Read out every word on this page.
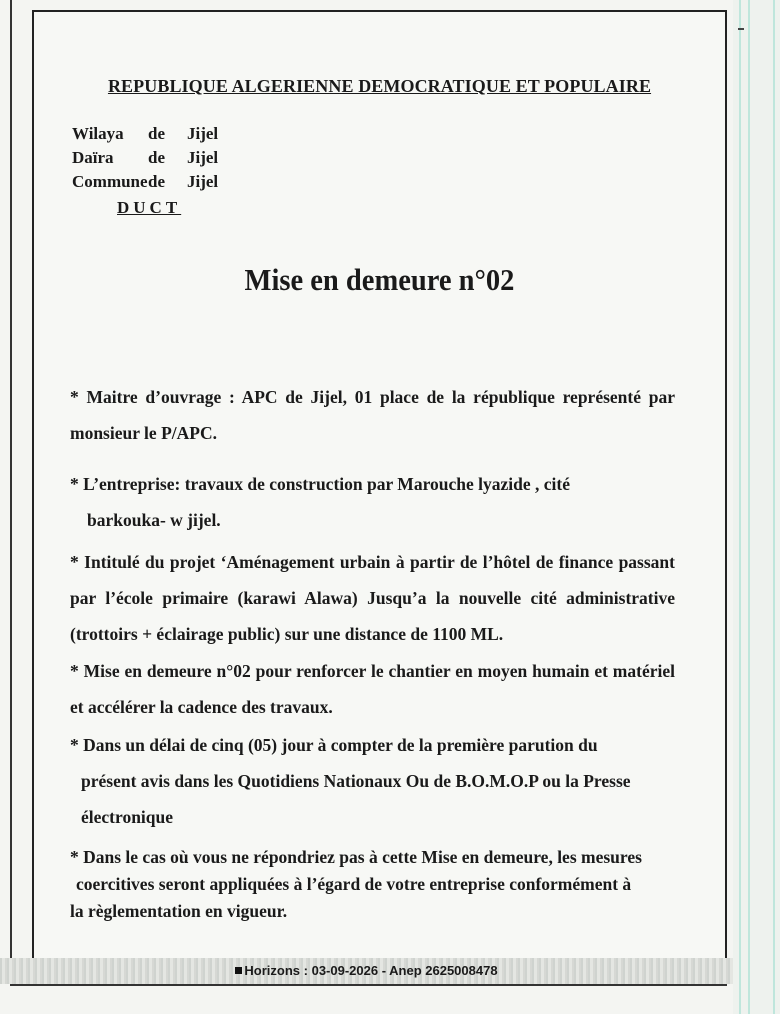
REPUBLIQUE ALGERIENNE DEMOCRATIQUE ET POPULAIRE
Wilaya de Jijel
Daïra de Jijel
Commune de Jijel
DUCT
Mise en demeure n°02
* Maitre d’ouvrage : APC de Jijel, 01 place de la république représenté par monsieur le P/APC.
* L’entreprise: travaux de construction par Marouche lyazide , cité
barkouka- w jijel.
* Intitulé du projet ‘Aménagement urbain à partir de l’hôtel de finance passant par l’école primaire (karawi Alawa) Jusqu’a la nouvelle cité administrative (trottoirs + éclairage public) sur une distance de 1100 ML.
* Mise en demeure n°02 pour renforcer le chantier en moyen humain et matériel et accélérer la cadence des travaux.
* Dans un délai de cinq (05) jour à compter de la première parution du
présent avis dans les Quotidiens Nationaux Ou de B.O.M.O.P ou la Presse
électronique
* Dans le cas où vous ne répondriez pas à cette Mise en demeure, les mesures
coercitives seront appliquées à l’égard de votre entreprise conformément à
la règlementation en vigueur.
Horizons : 03-09-2026 - Anep 2625008478
